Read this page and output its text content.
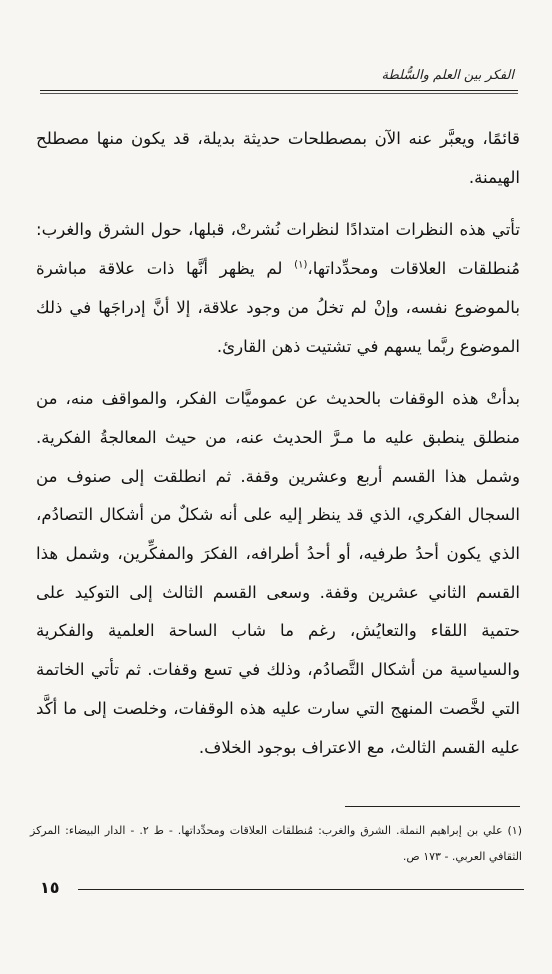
الفكر بين العلم والسُّلطة

قائمًا، ويعبَّر عنه الآن بمصطلحات حديثة بديلة، قد يكون منها مصطلح الهيمنة.

تأتي هذه النظرات امتدادًا لنظرات نُشرتْ، قبلها، حول الشرق والغرب: مُنطلقات العلاقات ومحدِّداتها،$^{(١)}$ لم يظهر أنَّها ذات علاقة مباشرة بالموضوع نفسه، وإنْ لم تخلُ من وجود علاقة، إلا أنَّ إدراجَها في ذلك الموضوع ربَّما يسهم في تشتيت ذهن القارئ.

بدأتْ هذه الوقفات بالحديث عن عموميَّات الفكر، والمواقف منه، من منطلق ينطبق عليه ما مـرَّ الحديث عنه، من حيث المعالجةُ الفكرية. وشمل هذا القسم أربع وعشرين وقفة. ثم انطلقت إلى صنوف من السجال الفكري، الذي قد ينظر إليه على أنه شكلٌ من أشكال التصادُم، الذي يكون أحدُ طرفيه، أو أحدُ أطرافه، الفكرَ والمفكِّرين، وشمل هذا القسم الثاني عشرين وقفة. وسعى القسم الثالث إلى التوكيد على حتمية اللقاء والتعايُش، رغم ما شاب الساحة العلمية والفكرية والسياسية من أشكال التَّصادُم، وذلك في تسع وقفات. ثم تأتي الخاتمة التي لخَّصت المنهج التي سارت عليه هذه الوقفات، وخلصت إلى ما أكَّد عليه القسم الثالث، مع الاعتراف بوجود الخلاف.

(١) علي بن إبراهيم النملة. الشرق والغرب: مُنطلقات العلاقات ومحدِّداتها. - ط ٢. - الدار البيضاء: المركز الثقافي العربي. - ١٧٣ ص.
١٥
